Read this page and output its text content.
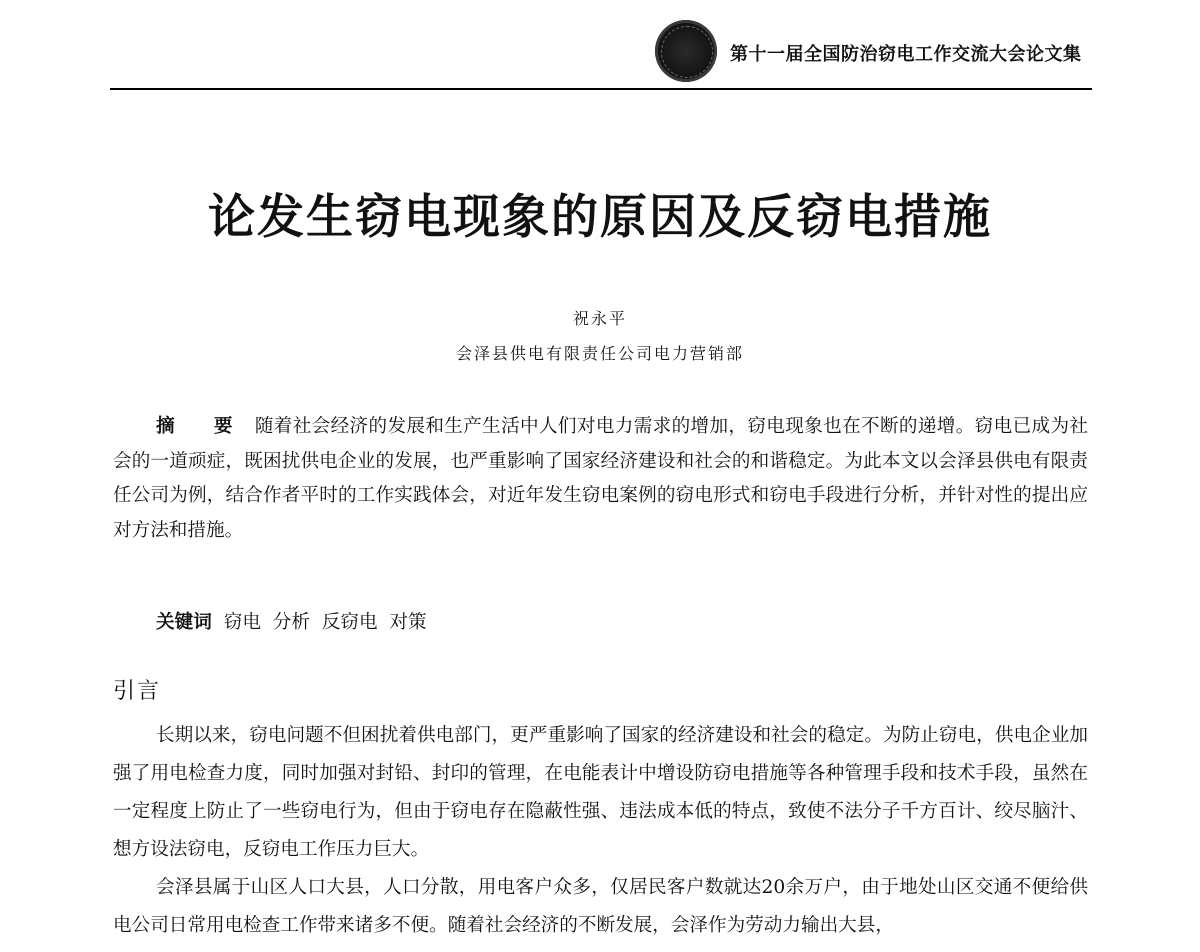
第十一届全国防治窃电工作交流大会论文集
论发生窃电现象的原因及反窃电措施
祝永平
会泽县供电有限责任公司电力营销部

摘　要 随着社会经济的发展和生产生活中人们对电力需求的增加，窃电现象也在不断的递增。窃电已成为社会的一道顽症，既困扰供电企业的发展，也严重影响了国家经济建设和社会的和谐稳定。为此本文以会泽县供电有限责任公司为例，结合作者平时的工作实践体会，对近年发生窃电案例的窃电形式和窃电手段进行分析，并针对性的提出应对方法和措施。

关键词 窃电  分析  反窃电  对策
引言

长期以来，窃电问题不但困扰着供电部门，更严重影响了国家的经济建设和社会的稳定。为防止窃电，供电企业加强了用电检查力度，同时加强对封铅、封印的管理，在电能表计中增设防窃电措施等各种管理手段和技术手段，虽然在一定程度上防止了一些窃电行为，但由于窃电存在隐蔽性强、违法成本低的特点，致使不法分子千方百计、绞尽脑汁、想方设法窃电，反窃电工作压力巨大。

会泽县属于山区人口大县，人口分散，用电客户众多，仅居民客户数就达20余万户，由于地处山区交通不便给供电公司日常用电检查工作带来诸多不便。随着社会经济的不断发展，会泽作为劳动力输出大县，
